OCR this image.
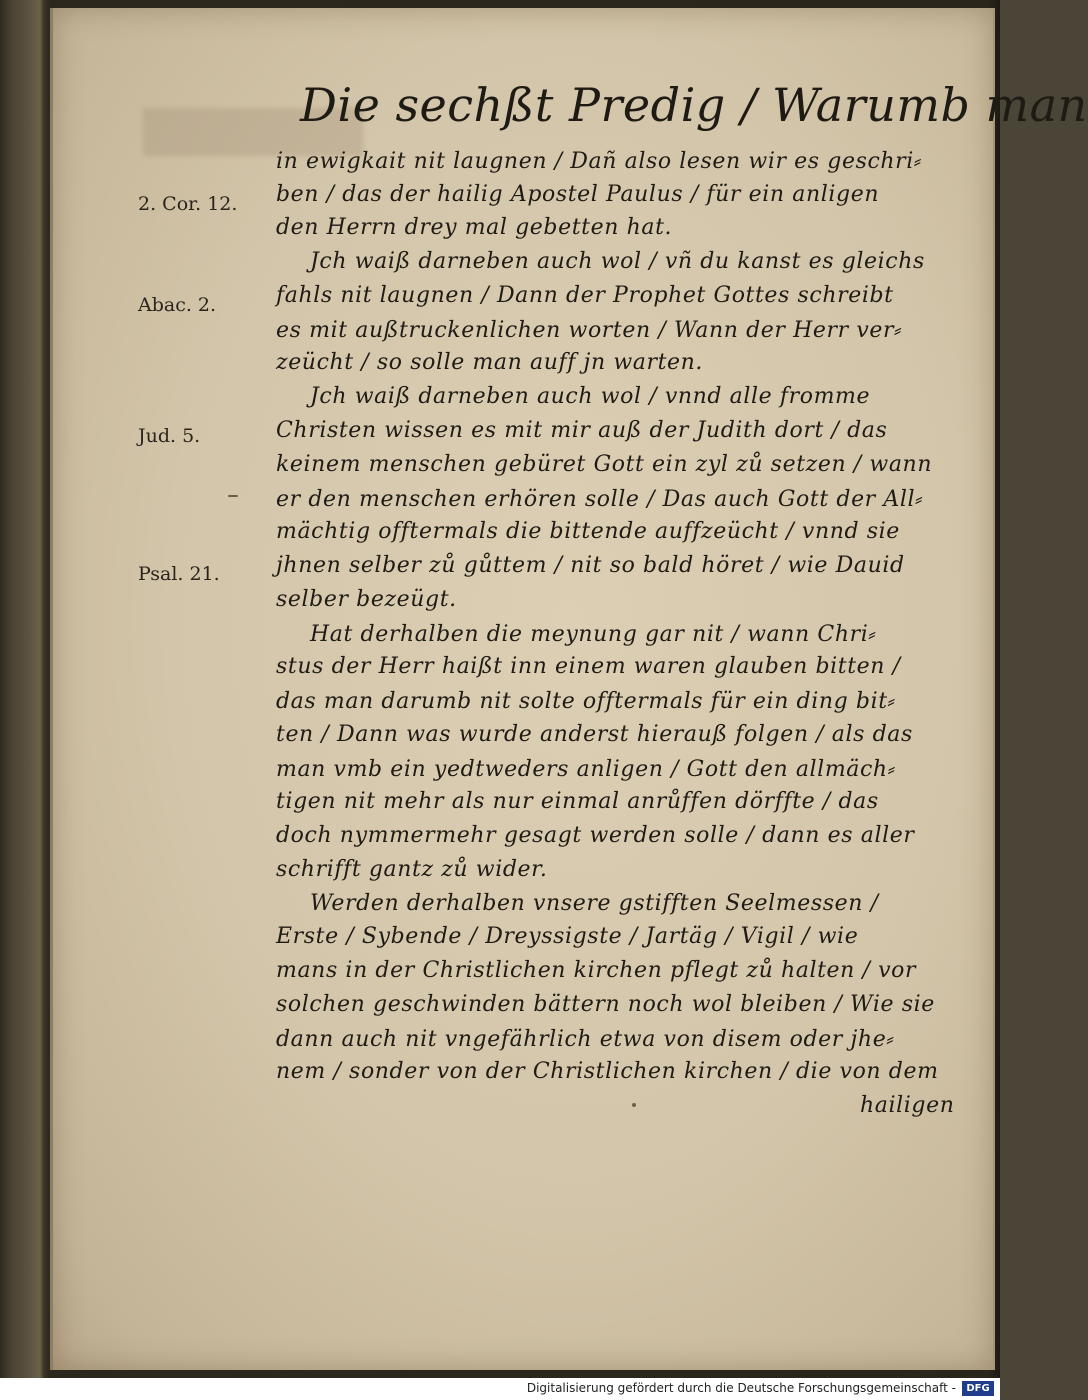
Die sechßt Predig / Warumb man
2. Cor. 12.
Abac. 2.
Jud. 5.
Psal. 21.
in ewigkait nit laugnen / Dañ also lesen wir es geschri⸗
ben / das der hailig Apostel Paulus / für ein anligen
den Herrn drey mal gebetten hat.
Jch waiß darneben auch wol / vñ du kanst es gleichs
fahls nit laugnen / Dann der Prophet Gottes schreibt
es mit außtruckenlichen worten / Wann der Herr ver⸗
zeücht / so solle man auff jn warten.
Jch waiß darneben auch wol / vnnd alle fromme
Christen wissen es mit mir auß der Judith dort / das
keinem menschen gebüret Gott ein zyl zů setzen / wann
er den menschen erhören solle / Das auch Gott der All⸗
mächtig offtermals die bittende auffzeücht / vnnd sie
jhnen selber zů gůttem / nit so bald höret / wie Dauid
selber bezeügt.
Hat derhalben die meynung gar nit / wann Chri⸗
stus der Herr haißt inn einem waren glauben bitten /
das man darumb nit solte offtermals für ein ding bit⸗
ten / Dann was wurde anderst hierauß folgen / als das
man vmb ein yedtweders anligen / Gott den allmäch⸗
tigen nit mehr als nur einmal anrůffen dörffte / das
doch nymmermehr gesagt werden solle / dann es aller
schrifft gantz zů wider.
Werden derhalben vnsere gstifften Seelmessen /
Erste / Sybende / Dreyssigste / Jartäg / Vigil / wie
mans in der Christlichen kirchen pflegt zů halten / vor
solchen geschwinden bättern noch wol bleiben / Wie sie
dann auch nit vngefährlich etwa von disem oder jhe⸗
nem / sonder von der Christlichen kirchen / die von dem
hailigen
Digitalisierung gefördert durch die Deutsche Forschungsgemeinschaft -	DFG
